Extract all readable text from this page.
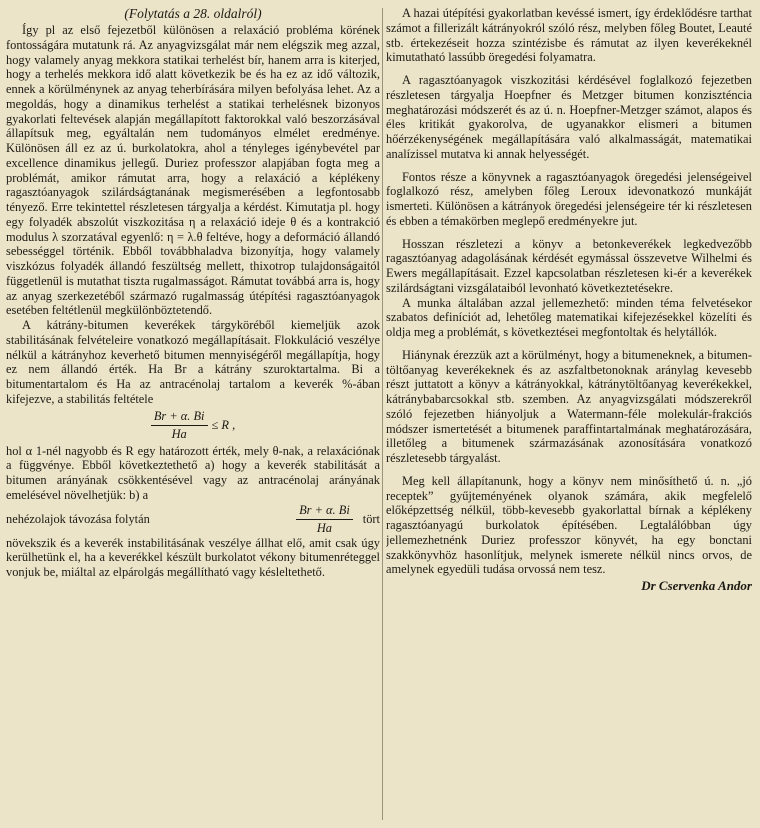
(Folytatás a 28. oldalról)

Így pl az első fejezetből különösen a relaxáció probléma körének fontosságára mutatunk rá. Az anyagvizsgálat már nem elégszik meg azzal, hogy valamely anyag mekkora statikai terhelést bír, hanem arra is kiterjed, hogy a terhelés mekkora idő alatt következik be és ha ez az idő változik, ennek a körülménynek az anyag teherbírására milyen befolyása lehet. Az a megoldás, hogy a dinamikus terhelést a statikai terhelésnek bizonyos gyakorlati feltevések alapján megállapított faktorokkal való beszorzásával állapítsuk meg, egyáltalán nem tudományos elmélet eredménye. Különösen áll ez az ú. burkolatokra, ahol a tényleges igénybevétel par excellence dinamikus jellegű. Duriez professzor alapjában fogta meg a problémát, amikor rámutat arra, hogy a relaxáció a képlékeny ragasztóanyagok szilárdságtanának megismerésében a legfontosabb tényező. Erre tekintettel részletesen tárgyalja a kérdést. Kimutatja pl. hogy egy folyadék abszolút viszkozitása η a relaxáció ideje θ és a kontrakció modulus λ szorzatával egyenlő: η = λ.θ feltéve, hogy a deformáció állandó sebességgel történik. Ebből továbbhaladva bizonyítja, hogy valamely viszkózus folyadék állandó feszültség mellett, thixotrop tulajdonságaitól függetlenül is mutathat tiszta rugalmasságot. Rámutat továbbá arra is, hogy az anyag szerkezetéből származó rugalmasság útépítési ragasztóanyagok esetében feltétlenül megkülönböztetendő.

A kátrány-bitumen keverékek tárgyköréből kiemeljük azok stabilitásának felvételeire vonatkozó megállapításait. Flokkuláció veszélye nélkül a kátrányhoz keverhető bitumen mennyiségéről megállapítja, hogy ez nem állandó érték. Ha Br a kátrány szuroktartalma. Bi a bitumentartalom és Ha az antracénolaj tartalom a keverék %-ában kifejezve, a stabilitás feltétele

$\frac{Br + \alpha. Bi}{Ha} \le R$ ,

hol α 1-nél nagyobb és R egy határozott érték, mely θ-nak, a relaxációnak a függvénye. Ebből következtethető a) hogy a keverék stabilitását a bitumen arányának csökkentésével vagy az antracénolaj arányának emelésével növelhetjük: b) a

nehézolajok távozása folytán	$\frac{Br + \alpha. Bi}{Ha}$ tört

növekszik és a keverék instabilitásának veszélye állhat elő, amit csak úgy kerülhetünk el, ha a keverékkel készült burkolatot vékony bitumenréteggel vonjuk be, miáltal az elpárolgás megállítható vagy késleltethető.

A hazai útépítési gyakorlatban kevéssé ismert, így érdeklődésre tarthat számot a fillerizált kátrányokról szóló rész, melyben főleg Boutet, Leauté stb. értekezéseit hozza szintézisbe és rámutat az ilyen keverékeknél kimutatható lassúbb öregedési folyamatra.

A ragasztóanyagok viszkozitási kérdésével foglalkozó fejezetben részletesen tárgyalja Hoepfner és Metzger bitumen konziszténcia meghatározási módszerét és az ú. n. Hoepfner-Metzger számot, alapos és éles kritikát gyakorolva, de ugyanakkor elismeri a bitumen hőérzékenységének megállapítására való alkalmasságát, matematikai analízissel mutatva ki annak helyességét.

Fontos része a könyvnek a ragasztóanyagok öregedési jelenségeivel foglalkozó rész, amelyben főleg Leroux idevonatkozó munkáját ismerteti. Különösen a kátrányok öregedési jelenségeire tér ki részletesen és ebben a témakörben meglepő eredményekre jut.

Hosszan részletezi a könyv a betonkeverékek legkedvezőbb ragasztóanyag adagolásának kérdését egymással összevetve Wilhelmi és Ewers megállapításait. Ezzel kapcsolatban részletesen ki-ér a keverékek szilárdságtani vizsgálataiból levonható következtetésekre.

A munka általában azzal jellemezhető: minden téma felvetésekor szabatos definíciót ad, lehetőleg matematikai kifejezésekkel közelíti és oldja meg a problémát, s következtései megfontoltak és helytállók.

Hiánynak érezzük azt a körülményt, hogy a bitumeneknek, a bitumen-töltőanyag keverékeknek és az aszfaltbetonoknak aránylag kevesebb részt juttatott a könyv a kátrányokkal, kátránytöltőanyag keverékekkel, kátránybabarcsokkal stb. szemben. Az anyagvizsgálati módszerekről szóló fejezetben hiányoljuk a Watermann-féle molekulár-frakciós módszer ismertetését a bitumenek paraffintartalmának meghatározására, illetőleg a bitumenek származásának azonosítására vonatkozó részletesebb tárgyalást.

Meg kell állapítanunk, hogy a könyv nem minősíthető ú. n. „jó receptek” gyűjteményének olyanok számára, akik megfelelő előképzettség nélkül, több-kevesebb gyakorlattal bírnak a képlékeny ragasztóanyagú burkolatok építésében. Legtalálóbban úgy jellemezhetnénk Duriez professzor könyvét, ha egy bonctani szakkönyvhöz hasonlítjuk, melynek ismerete nélkül nincs orvos, de amelynek egyedüli tudása orvossá nem tesz.

Dr Cservenka Andor
